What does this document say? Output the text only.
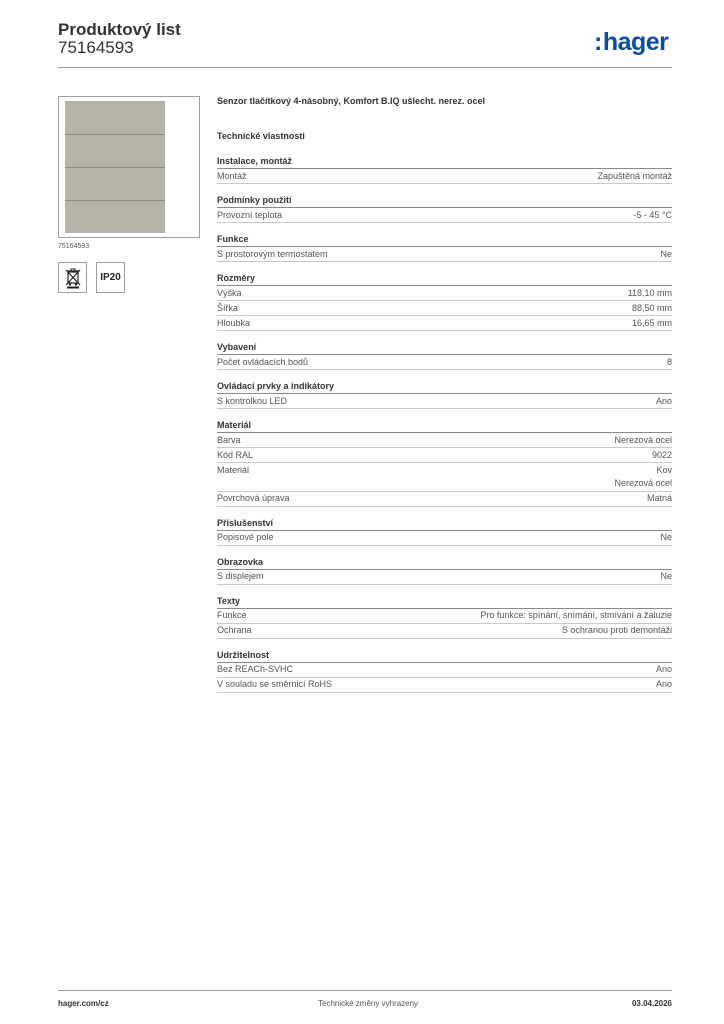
Produktový list
75164593	:hager
75164593
IP20
Senzor tlačítkový 4-násobný, Komfort B.IQ ušlecht. nerez. ocel
Technické vlastnosti
Instalace, montáž
Montáž	Zapuštěná montáž
Podmínky použití
Provozní teplota	-5 - 45 °C
Funkce
S prostorovým termostatem	Ne
Rozměry
Výška	118,10 mm
Šířka	88,50 mm
Hloubka	16,65 mm
Vybavení
Počet ovládacích bodů	8
Ovládací prvky a indikátory
S kontrolkou LED	Ano
Materiál
Barva	Nerezová ocel
Kód RAL	9022
Materiál	Kov
Nerezová ocel
Povrchová úprava	Matná
Příslušenství
Popisové pole	Ne
Obrazovka
S displejem	Ne
Texty
Funkce	Pro funkce: spínání, snímání, stmívání a žaluzie
Ochrana	S ochranou proti demontáži
Udržitelnost
Bez REACh-SVHC	Ano
V souladu se směrnicí RoHS	Ano
hager.com/cz	Technické změny vyhrazeny	03.04.2026
